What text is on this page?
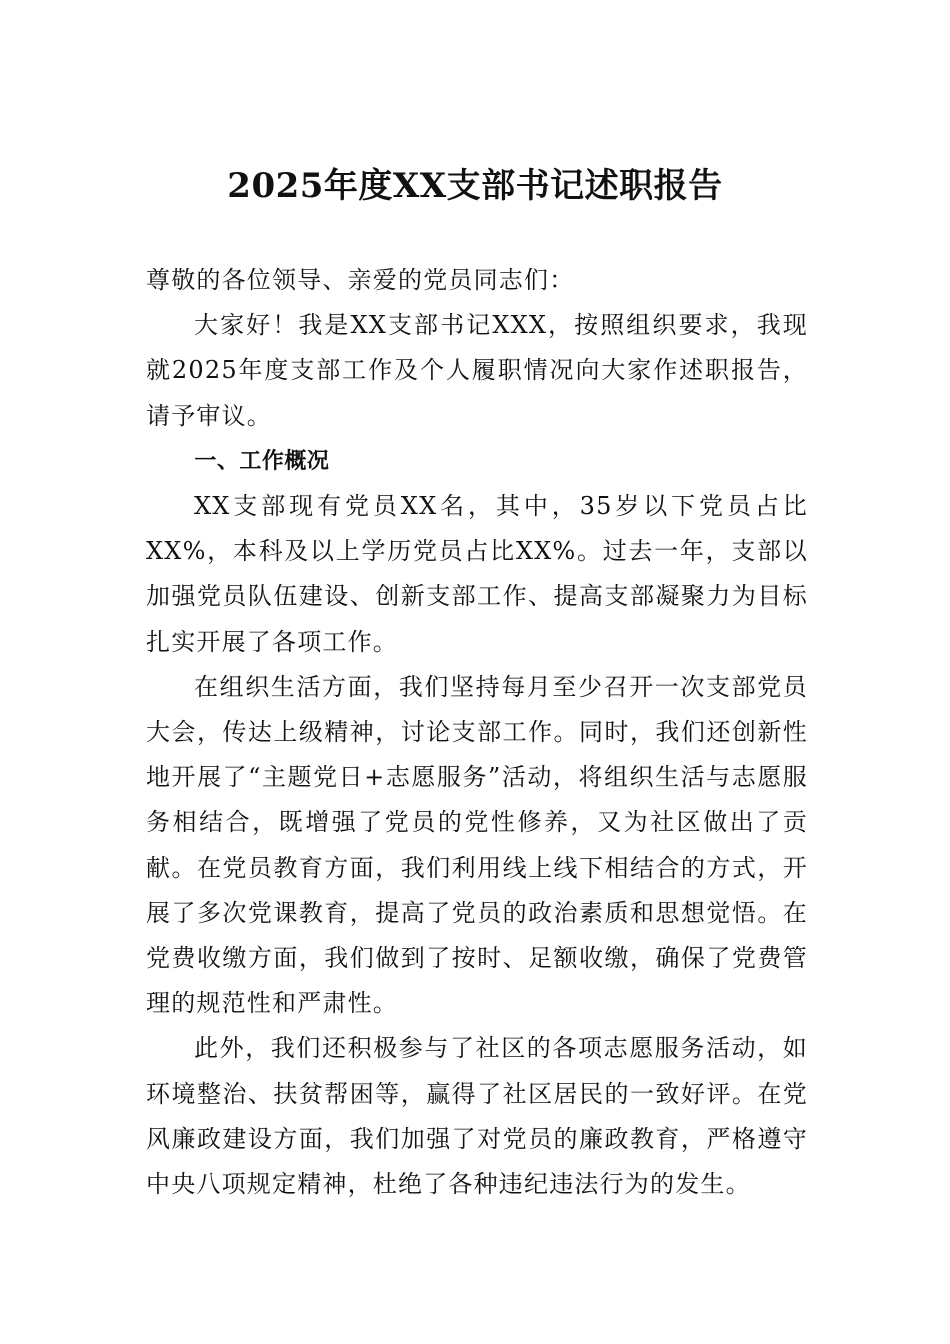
2025年度XX支部书记述职报告

尊敬的各位领导、亲爱的党员同志们：

大家好！我是XX支部书记XXX，按照组织要求，我现就2025年度支部工作及个人履职情况向大家作述职报告，请予审议。

一、工作概况

XX支部现有党员XX名，其中，35岁以下党员占比XX%，本科及以上学历党员占比XX%。过去一年，支部以加强党员队伍建设、创新支部工作、提高支部凝聚力为目标扎实开展了各项工作。

在组织生活方面，我们坚持每月至少召开一次支部党员大会，传达上级精神，讨论支部工作。同时，我们还创新性地开展了“主题党日+志愿服务”活动，将组织生活与志愿服务相结合，既增强了党员的党性修养，又为社区做出了贡献。在党员教育方面，我们利用线上线下相结合的方式，开展了多次党课教育，提高了党员的政治素质和思想觉悟。在党费收缴方面，我们做到了按时、足额收缴，确保了党费管理的规范性和严肃性。

此外，我们还积极参与了社区的各项志愿服务活动，如环境整治、扶贫帮困等，赢得了社区居民的一致好评。在党风廉政建设方面，我们加强了对党员的廉政教育，严格遵守中央八项规定精神，杜绝了各种违纪违法行为的发生。
